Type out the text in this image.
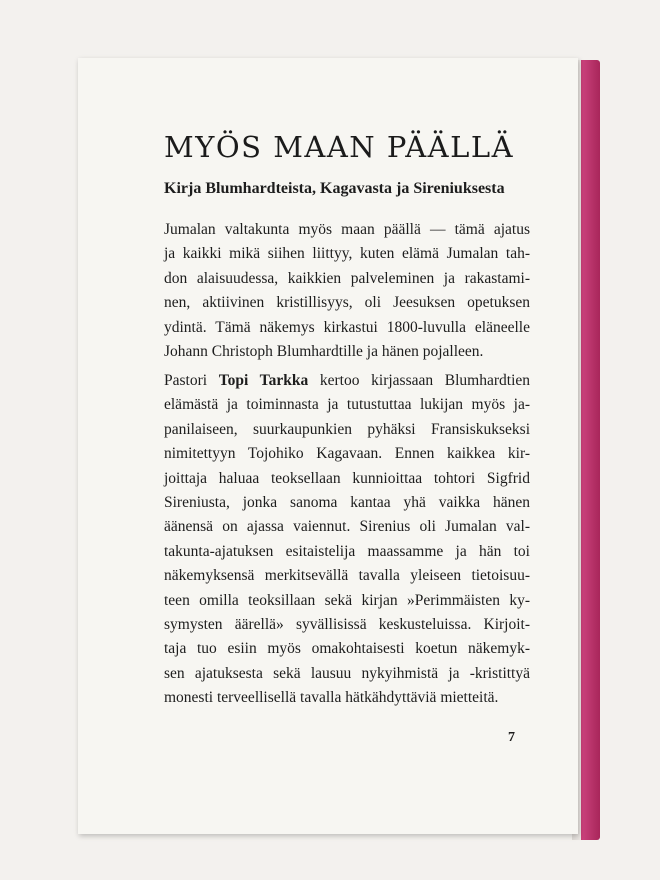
MYÖS MAAN PÄÄLLÄ
Kirja Blumhardteista, Kagavasta ja Sireniuksesta
Jumalan valtakunta myös maan päällä — tämä ajatus
ja kaikki mikä siihen liittyy, kuten elämä Jumalan tah-
don alaisuudessa, kaikkien palveleminen ja rakastami-
nen, aktiivinen kristillisyys, oli Jeesuksen opetuksen
ydintä. Tämä näkemys kirkastui 1800-luvulla eläneelle
Johann Christoph Blumhardtille ja hänen pojalleen.
Pastori Topi Tarkka kertoo kirjassaan Blumhardtien
elämästä ja toiminnasta ja tutustuttaa lukijan myös ja-
panilaiseen, suurkaupunkien pyhäksi Fransiskukseksi
nimitettyyn Tojohiko Kagavaan. Ennen kaikkea kir-
joittaja haluaa teoksellaan kunnioittaa tohtori Sigfrid
Sireniusta, jonka sanoma kantaa yhä vaikka hänen
äänensä on ajassa vaiennut. Sirenius oli Jumalan val-
takunta-ajatuksen esitaistelija maassamme ja hän toi
näkemyksensä merkitsevällä tavalla yleiseen tietoisuu-
teen omilla teoksillaan sekä kirjan »Perimmäisten ky-
symysten äärellä» syvällisissä keskusteluissa. Kirjoit-
taja tuo esiin myös omakohtaisesti koetun näkemyk-
sen ajatuksesta sekä lausuu nykyihmistä ja -kristittyä
monesti terveellisellä tavalla hätkähdyttäviä mietteitä.
7
